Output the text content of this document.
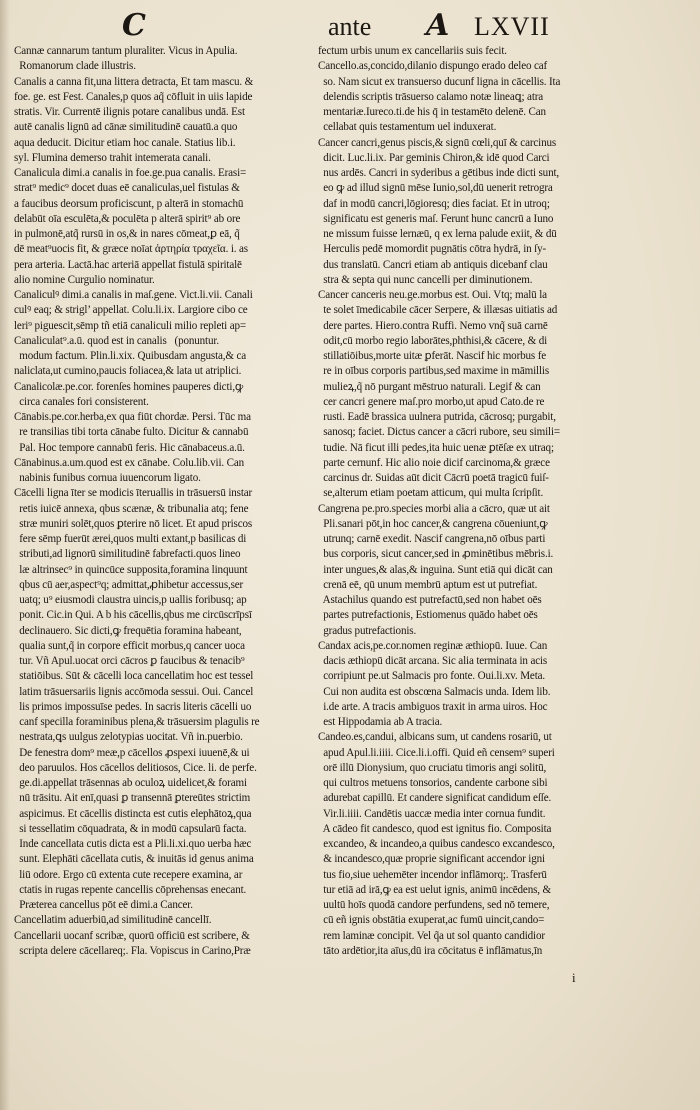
C	ante A LXVII
Cannæ cannarum tantum pluraliter. Vicus in Apulia.
Romanorum clade illustris.
Canalis a canna fit,una littera detracta, Et tam mascu. &
foe. ge. est Fest. Canales,p quos aq̃ cōfluit in uiis lapide
stratis. Vir. Currentē ilignis potare canalibus undā. Est
autē canalis lignū ad cānæ similitudinē cauatū.a quo
aqua deducit. Dicitur etiam hoc canale. Statius lib.i.
syl. Flumina demerso trahit intemerata canali.
Canalicula dimi.a canalis in foe.ge.pua canalis. Erasi=
strat⁹ medic⁹ docet duas eē canaliculas,uel fistulas &
a faucibus deorsum proficiscunt, p alterā in stomachū
delabūt oīa esculēta,& poculēta p alterā spirit⁹ ab ore
in pulmonē,atq̃ rursū in os,& in nares cōmeat,ꝑ eā, q̃
dē meat⁹uocis fit, & græce noīat ἀρτηρία τραχεῖα. i. as
pera arteria. Lactā.hac arteriā appellat fistulā spiritalē
alio nomine Curgulio nominatur.
Canaliculꝰ dimi.a canalis in maſ.gene. Vict.li.vii. Canali
culꝰ eaq; & strigl’ appellat. Colu.li.ix. Largiore cibo ce
leri⁹ piguescit,sēmp tñ etiā canaliculi milio repleti ap=
Canaliculat⁹.a.ū. quod est in canalis   (ponuntur.
modum factum. Plin.li.xix. Quibusdam angusta,& ca
naliclata,ut cumino,paucis foliacea,& lata ut atriplici.
Canalicolæ.pe.cor. forenſes homines pauperes dicti,ꝙ
circa canales fori consisterent.
Cānabis.pe.cor.herba,ex qua fiūt chordæ. Persi. Tūc ma
re transilias tibi torta cānabe fulto. Dicitur & cannabū
Pal. Hoc tempore cannabū feris. Hic cānabaceus.a.ū.
Cānabinus.a.um.quod est ex cānabe. Colu.lib.vii. Can
nabinis funibus cornua iuuencorum ligato.
Cācelli ligna īter se modicis īteruallis in trāsuersū instar
retis iuicē annexa, qbus scænæ, & tribunalia atq; fene
stræ muniri solēt,quos ꝑterire nō licet. Et apud priscos
fere sēmp fuerūt ærei,quos multi extant,p basilicas di
stributi,ad lignorū similitudinē fabrefacti.quos lineo
læ altrinsec⁹ in quincūce supposita,foramina linquunt
qbus cū aer,aspect⁹q; admittat,ꝓhibetur accessus,ser
uatq; u⁹ eiusmodi claustra uincis,p uallis foribusq; ap
ponit. Cic.in Qui. A b his cācellis,qbus me circūscrīpsī
declinauero. Sic dicti,ꝙ frequētia foramina habeant,
qualia sunt,q̃ in corpore efficit morbus,q cancer uoca
tur. Vñ Apul.uocat orci cācros ꝑ faucibus & tenacib⁹
statiōibus. Sūt & cācelli loca cancellatim hoc est tessel
latim trāsuersariis lignis accōmoda sessui. Oui. Cancel
lis primos impossuīse pedes. In sacris literis cācelli uo
canf specilla foraminibus plena,& trāsuersim plagulis re
nestrata,ꝗs uulgus zelotypias uocitat. Vñ in.puerbio.
De fenestra dom⁹ meæ,p cācellos ꝓspexi iuuenē,& ui
deo paruulos. Hos cācellos delitiosos, Cice. li. de perfe.
ge.di.appellat trāsennas ab oculoꝝ uidelicet,& forami
nū trāsitu. Ait enī,quasi ꝑ transennā ꝑtereūtes strictim
aspicimus. Et cācellis distincta est cutis elephātoꝝ,qua
si tessellatim cōquadrata, & in modū capsularū facta.
Inde cancellata cutis dicta est a Pli.li.xi.quo uerba hæc
sunt. Elephāti cācellata cutis, & inuitās id genus anima
liū odore. Ergo cū extenta cute recepere examina, ar
ctatis in rugas repente cancellis cōprehensas enecant.
Præterea cancellus pōt eē dimi.a Cancer.
Cancellatim aduerbiū,ad similitudinē cancellī.
Cancellarii uocanf scribæ, quorū officiū est scribere, &
scripta delere cācellareq;. Fla. Vopiscus in Carino,Præ
fectum urbis unum ex cancellariis suis fecit.
Cancello.as,concido,dilanio dispungo erado deleo caf
so. Nam sicut ex transuerso ducunf ligna in cācellis. Ita
delendis scriptis trāsuerso calamo notæ lineaꝗ; atra
mentariæ.Iureco.ti.de his q̄ in testamēto delenē. Can
cellabat quis testamentum uel induxerat.
Cancer cancri,genus piscis,& signū cœli,quī & carcinus
dicit. Luc.li.ix. Par geminis Chiron,& idē quod Carci
nus ardēs. Cancri in syderibus a gētibus inde dicti sunt,
eo ꝙ ad illud signū mēse Iunio,sol,dū uenerit retrogra
daf in modū cancri,lōgioresq; dies faciat. Et in utroq;
significatu est generis maſ. Ferunt hunc cancrū a Iuno
ne missum fuisse lernæū, q ex lerna palude exiit, & dū
Herculis pedē momordit pugnātis cōtra hydrā, in ſy-
dus translatū. Cancri etiam ab antiquis dicebanf clau
stra & septa qui nunc cancelli per diminutionem.
Cancer canceris neu.ge.morbus est. Oui. Vtq; malū la
te solet īmedicabile cācer Serpere, & illæsas uitiatis ad
dere partes. Hiero.contra Ruffi. Nemo vnq̃ suā carnē
odit,cū morbo regio laborātes,phthisi,& cācere, & di
stillatiōibus,morte uitæ ꝑferāt. Nascif hic morbus fe
re in oībus corporis partibus,sed maxime in māmillis
mulieꝝ,q̃ nō purgant mēstruo naturali. Legif & can
cer cancri genere maſ.pro morbo,ut apud Cato.de re
rusti. Eadē brassica uulnera putrida, cācrosq; purgabit,
sanosq; faciet. Dictus cancer a cācri rubore, seu simili=
tudie. Nā ficut illi pedes,ita huic uenæ ꝑtēſæ ex utraq;
parte cernunf. Hic alio noie dicif carcinoma,& græce
carcinus dr. Suidas aūt dicit Cācrū poetā tragicū fuiſ-
se,alterum etiam poetam atticum, qui multa ſcripſit.
Cangrena pe.pro.species morbi alia a cācro, quæ ut ait
Pli.sanari pōt,in hoc cancer,& cangrena cōueniunt,ꝙ
utrunq; carnē exedit. Nascif cangrena,nō oībus parti
bus corporis, sicut cancer,sed in ꝓminētibus mēbris.i.
inter ungues,& alas,& inguina. Sunt etiā qui dicāt can
crenā eē, qū unum membrū aptum est ut putrefiat.
Astachilus quando est putrefactū,sed non habet oēs
partes putrefactionis, Estiomenus quādo habet oēs
gradus putrefactionis.
Candax acis,pe.cor.nomen reginæ æthiopū. Iuue. Can
dacis æthiopū dicāt arcana. Sic alia terminata in acis
corripiunt pe.ut Salmacis pro fonte. Oui.li.xv. Meta.
Cui non audita est obscœna Salmacis unda. Idem lib.
i.de arte. A tracis ambiguos traxit in arma uiros. Hoc
est Hippodamia ab A tracia.
Candeo.es,candui, albicans sum, ut candens rosariū, ut
apud Apul.li.iiii. Cice.li.i.offi. Quid eñ censem⁹ superi
orē illū Dionysium, quo cruciatu timoris angi solitū,
qui cultros metuens tonsorios, candente carbone sibi
adurebat capillū. Et candere significat candidum eſſe.
Vir.li.iiii. Candētis uaccæ media inter cornua fundit.
A cādeo fit candesco, quod est ignitus fio. Composita
excandeo, & incandeo,a quibus candesco excandesco,
& incandesco,quæ proprie significant accendor igni
tus fio,siue uehemēter incendor inflāmorq;. Trasferū
tur etiā ad irā,ꝙ ea est uelut ignis, animū incēdens, &
uultū hoīs quodā candore perfundens, sed nō temere,
cū eñ ignis obstātia exuperat,ac fumū uincit,cando=
rem laminæ concipit. Vel q̃a ut sol quanto candidior
tāto ardētior,ita aīus,dū ira cōcitatus ē inflāmatus,īn
i
